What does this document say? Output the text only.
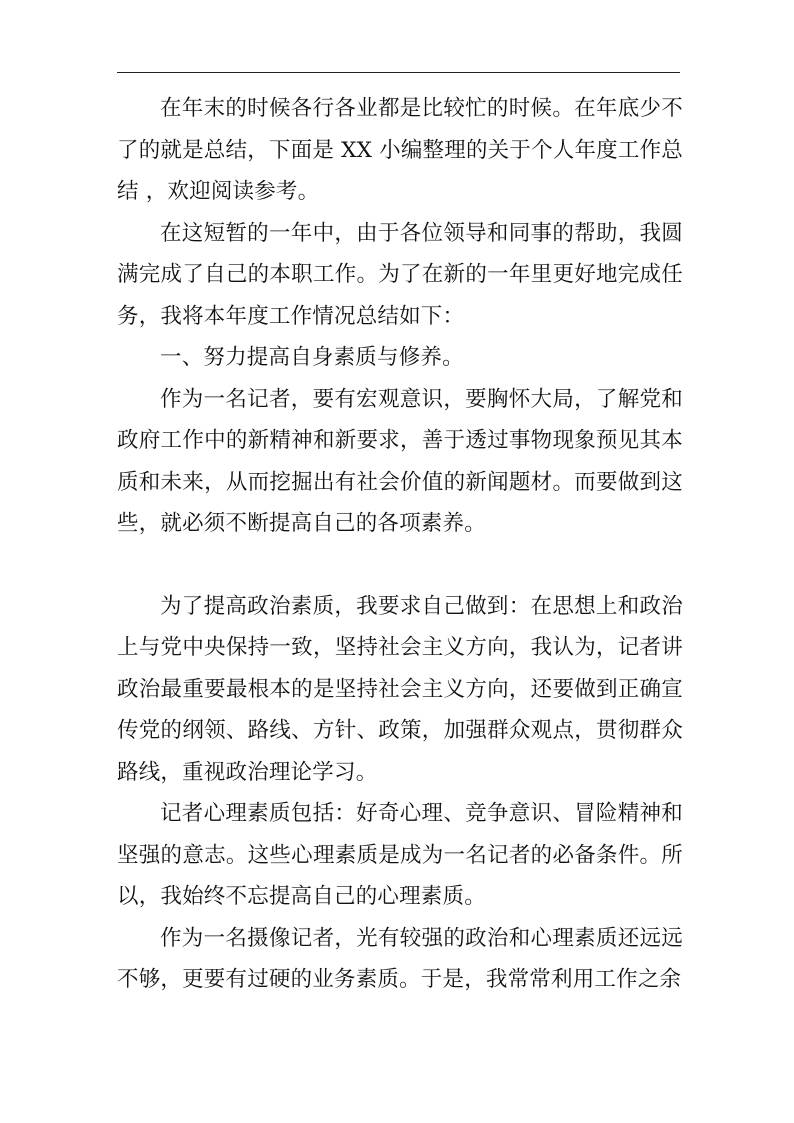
在年末的时候各行各业都是比较忙的时候。在年底少不了的就是总结，下面是 XX 小编整理的关于个人年度工作总结 ，欢迎阅读参考。

在这短暂的一年中，由于各位领导和同事的帮助，我圆满完成了自己的本职工作。为了在新的一年里更好地完成任务，我将本年度工作情况总结如下：

一、努力提高自身素质与修养。

作为一名记者，要有宏观意识，要胸怀大局，了解党和政府工作中的新精神和新要求，善于透过事物现象预见其本质和未来，从而挖掘出有社会价值的新闻题材。而要做到这些，就必须不断提高自己的各项素养。

为了提高政治素质，我要求自己做到：在思想上和政治上与党中央保持一致，坚持社会主义方向，我认为，记者讲政治最重要最根本的是坚持社会主义方向，还要做到正确宣传党的纲领、路线、方针、政策，加强群众观点，贯彻群众路线，重视政治理论学习。

记者心理素质包括：好奇心理、竞争意识、冒险精神和坚强的意志。这些心理素质是成为一名记者的必备条件。所以，我始终不忘提高自己的心理素质。

作为一名摄像记者，光有较强的政治和心理素质还远远不够，更要有过硬的业务素质。于是，我常常利用工作之余
